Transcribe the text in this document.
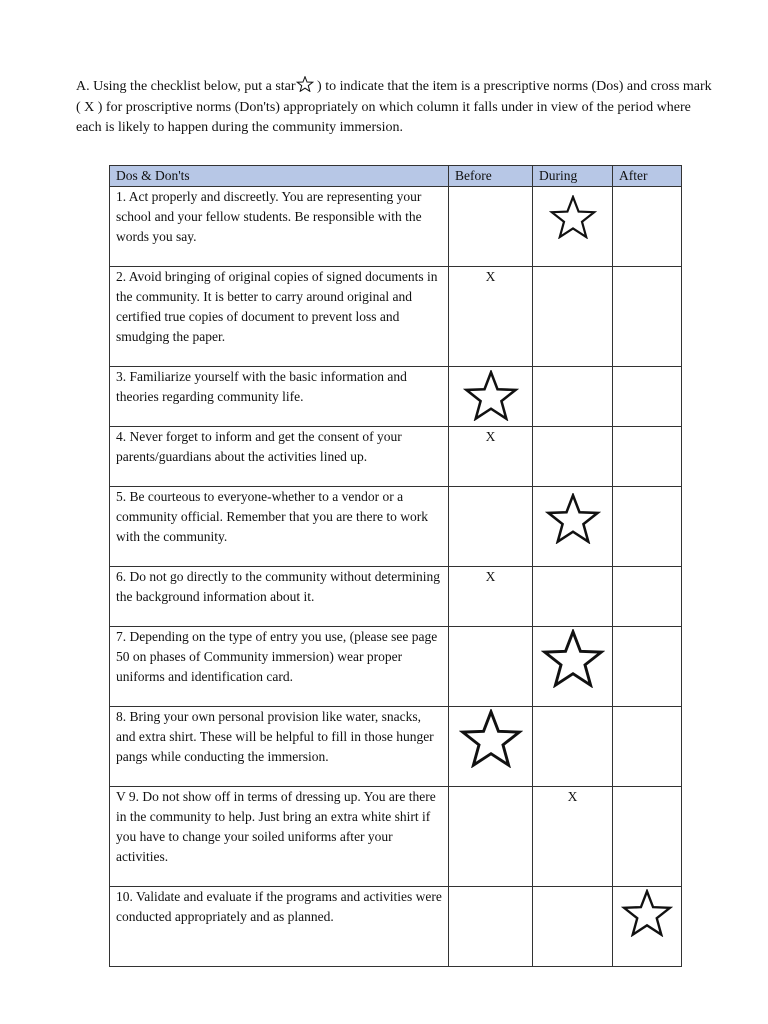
A. Using the checklist below, put a star
) to indicate that the item is a prescriptive norms (Dos) and cross mark ( X ) for proscriptive norms (Don'ts) appropriately on which column it falls under in view of the period where each is likely to happen during the community immersion.
Dos & Don'ts	Before	During	After
1. Act properly and discreetly. You are representing your school and your fellow students. Be responsible with the words you say.		

2. Avoid bringing of original copies of signed documents in the community. It is better to carry around original and certified true copies of document to prevent loss and smudging the paper.	X		

3. Familiarize yourself with the basic information and theories regarding community life.	

4. Never forget to inform and get the consent of your parents/guardians about the activities lined up.	X		

5. Be courteous to everyone-whether to a vendor or a community official. Remember that you are there to work with the community.		

6. Do not go directly to the community without determining the background information about it.	X		

7. Depending on the type of entry you use, (please see page 50 on phases of Community immersion) wear proper uniforms and identification card.		

8. Bring your own personal provision like water, snacks, and extra shirt. These will be helpful to fill in those hunger pangs while conducting the immersion.	

V 9. Do not show off in terms of dressing up. You are there in the community to help. Just bring an extra white shirt if you have to change your soiled uniforms after your activities.		X	

10. Validate and evaluate if the programs and activities were conducted appropriately and as planned.			
